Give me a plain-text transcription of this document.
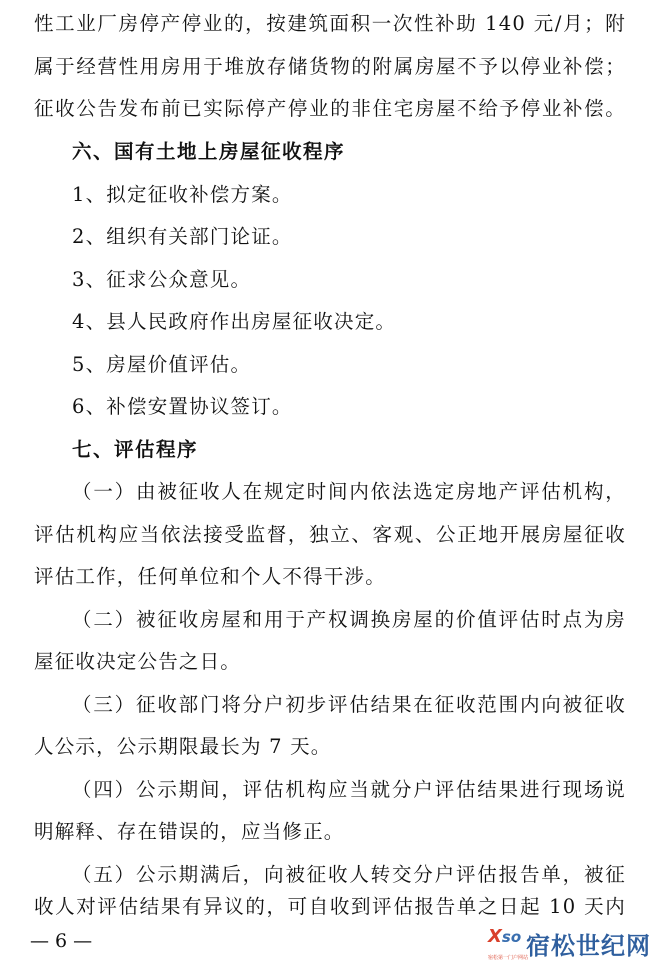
性工业厂房停产停业的，按建筑面积一次性补助 140 元/月；附
属于经营性用房用于堆放存储货物的附属房屋不予以停业补偿；
征收公告发布前已实际停产停业的非住宅房屋不给予停业补偿。
六、国有土地上房屋征收程序
1、拟定征收补偿方案。
2、组织有关部门论证。
3、征求公众意见。
4、县人民政府作出房屋征收决定。
5、房屋价值评估。
6、补偿安置协议签订。
七、评估程序
（一）由被征收人在规定时间内依法选定房地产评估机构，
评估机构应当依法接受监督，独立、客观、公正地开展房屋征收
评估工作，任何单位和个人不得干涉。
（二）被征收房屋和用于产权调换房屋的价值评估时点为房
屋征收决定公告之日。
（三）征收部门将分户初步评估结果在征收范围内向被征收
人公示，公示期限最长为 7 天。
（四）公示期间，评估机构应当就分户评估结果进行现场说
明解释、存在错误的，应当修正。
（五）公示期满后，向被征收人转交分户评估报告单，被征
收人对评估结果有异议的，可自收到评估报告单之日起 10 天内
— 6 —	Xso
宿松第一门户网站
宿松世纪网
